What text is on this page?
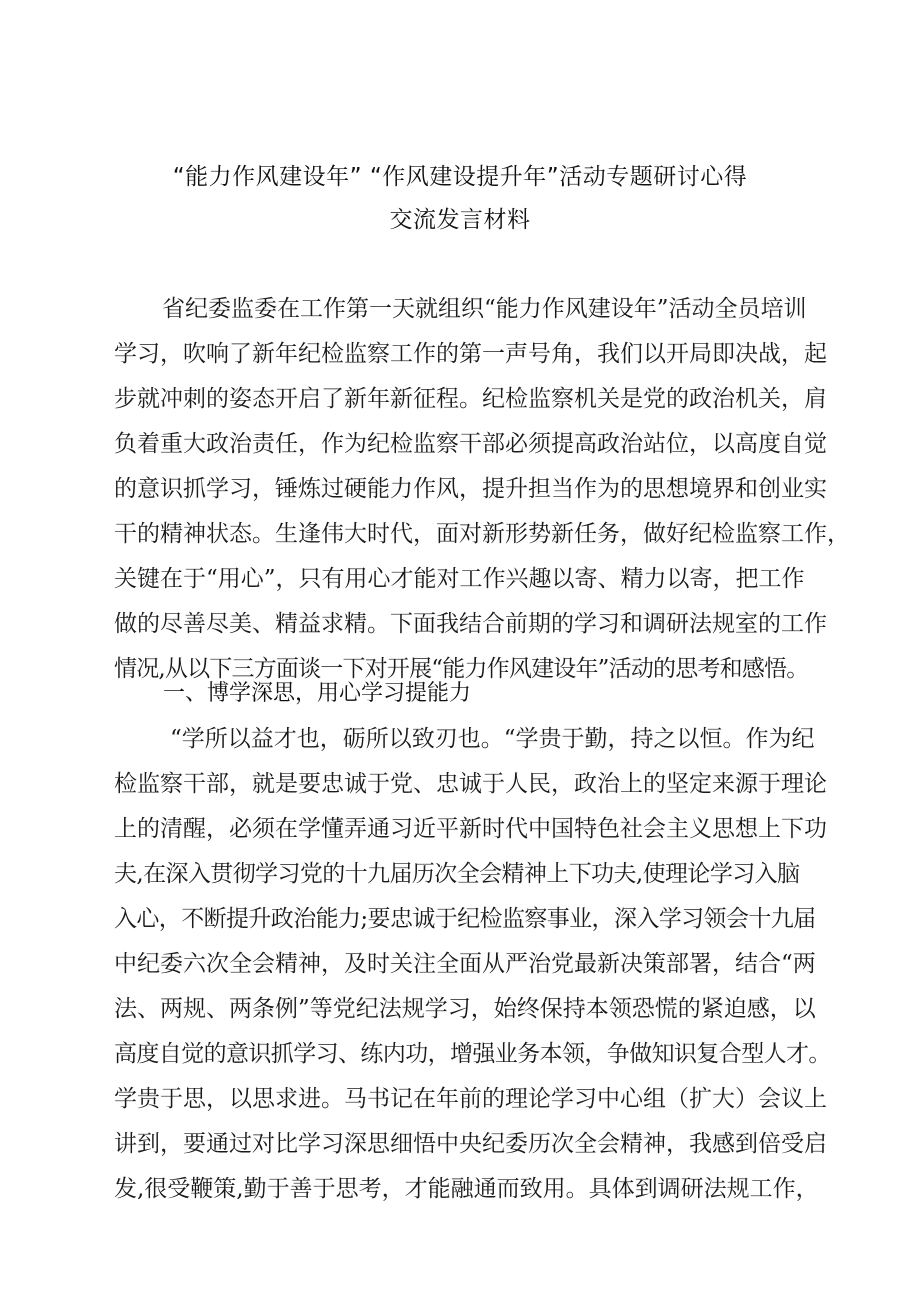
“能力作风建设年” “作风建设提升年”活动专题研讨心得
交流发言材料
省纪委监委在工作第一天就组织“能力作风建设年”活动全员培训
学习，吹响了新年纪检监察工作的第一声号角，我们以开局即决战，起
步就冲刺的姿态开启了新年新征程。纪检监察机关是党的政治机关，肩
负着重大政治责任，作为纪检监察干部必须提高政治站位，以高度自觉
的意识抓学习，锤炼过硬能力作风，提升担当作为的思想境界和创业实
干的精神状态。生逢伟大时代，面对新形势新任务，做好纪检监察工作，
关键在于“用心”，只有用心才能对工作兴趣以寄、精力以寄，把工作
做的尽善尽美、精益求精。下面我结合前期的学习和调研法规室的工作
情况,从以下三方面谈一下对开展“能力作风建设年”活动的思考和感悟。
一、博学深思，用心学习提能力
“学所以益才也，砺所以致刃也。“学贵于勤，持之以恒。作为纪
检监察干部，就是要忠诚于党、忠诚于人民，政治上的坚定来源于理论
上的清醒，必须在学懂弄通习近平新时代中国特色社会主义思想上下功
夫,在深入贯彻学习党的十九届历次全会精神上下功夫,使理论学习入脑
入心，不断提升政治能力;要忠诚于纪检监察事业，深入学习领会十九届
中纪委六次全会精神，及时关注全面从严治党最新决策部署，结合“两
法、两规、两条例”等党纪法规学习，始终保持本领恐慌的紧迫感，以
高度自觉的意识抓学习、练内功，增强业务本领，争做知识复合型人才。
学贵于思，以思求进。马书记在年前的理论学习中心组（扩大）会议上
讲到，要通过对比学习深思细悟中央纪委历次全会精神，我感到倍受启
发,很受鞭策,勤于善于思考，才能融通而致用。具体到调研法规工作，
